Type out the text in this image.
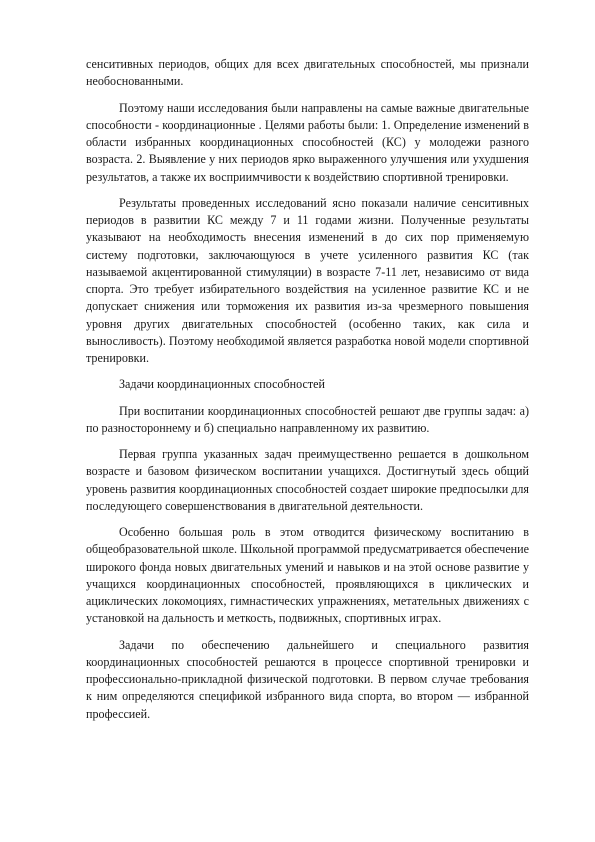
сенситивных периодов, общих для всех двигательных способностей, мы признали необоснованными.

Поэтому наши исследования были направлены на самые важные двигательные способности - координационные . Целями работы были: 1. Определение изменений в области избранных координационных способностей (КС) у молодежи разного возраста. 2. Выявление у них периодов ярко выраженного улучшения или ухудшения результатов, а также их восприимчивости к воздействию спортивной тренировки.

Результаты проведенных исследований ясно показали наличие сенситивных периодов в развитии КС между 7 и 11 годами жизни. Полученные результаты указывают на необходимость внесения изменений в до сих пор применяемую систему подготовки, заключающуюся в учете усиленного развития КС (так называемой акцентированной стимуляции) в возрасте 7-11 лет, независимо от вида спорта. Это требует избирательного воздействия на усиленное развитие КС и не допускает снижения или торможения их развития из-за чрезмерного повышения уровня других двигательных способностей (особенно таких, как сила и выносливость). Поэтому необходимой является разработка новой модели спортивной тренировки.

Задачи координационных способностей

При воспитании координационных способностей решают две группы задач: а) по разностороннему и б) специально направленному их развитию.

Первая группа указанных задач преимущественно решается в дошкольном возрасте и базовом физическом воспитании учащихся. Достигнутый здесь общий уровень развития координационных способностей создает широкие предпосылки для последующего совершенствования в двигательной деятельности.

Особенно большая роль в этом отводится физическому воспитанию в общеобразовательной школе. Школьной программой предусматривается обеспечение широкого фонда новых двигательных умений и навыков и на этой основе развитие у учащихся координационных способностей, проявляющихся в циклических и ациклических локомоциях, гимнастических упражнениях, метательных движениях с установкой на дальность и меткость, подвижных, спортивных играх.

Задачи по обеспечению дальнейшего и специального развития координационных способностей решаются в процессе спортивной тренировки и профессионально-прикладной физической подготовки. В первом случае требования к ним определяются спецификой избранного вида спорта, во втором — избранной профессией.
